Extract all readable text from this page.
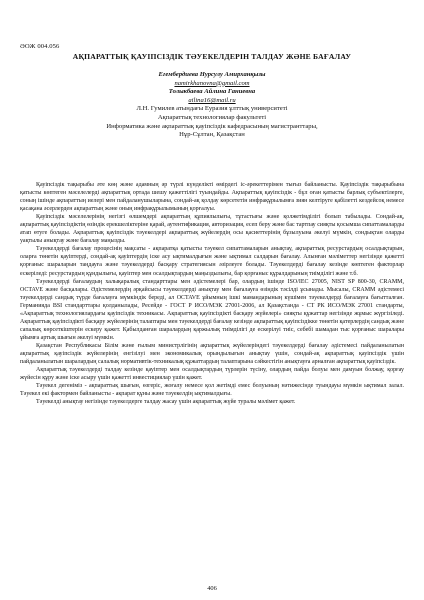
ӘОЖ 004.056
АҚПАРАТТЫҚ ҚАУІПСІЗДІК ТӘУЕКЕЛДЕРІН ТАЛДАУ ЖӘНЕ БАҒАЛАУ
Егембердиева Нурсулу Амирханқызы
namirkhanovna@gmail.com
Толыкбаева Айлина Ганиевна
ailina16@mail.ru
Л.Н. Гумилев атындағы Еуразия ұлттық университеті
Ақпараттық технологиялар факультеті
Информатика және ақпараттық қауіпсіздік кафедрасының магистранттары,
Нұр-Сұлтан, Қазақстан

Қауіпсіздік тақырыбы әте көң және адамның әр түрлі күнделікті өмірдегі іс-әрекеттерімен тығыз байланысты. Қауіпсіздік тақырыбына қатысты көптеген мәселелерді ақпараттық ортада шешу қажеттілігі туындайды. Ақпараттық қауіпсіздік - бұл оған қатысты барлық субъектілерге, соның ішінде ақпараттың иелері мен пайдаланушыларына, сондай-ақ қолдау көрсететін инфрақұрылымға зиян келтіруге қабілетті кездейсоқ немесе қасақана әсерлерден ақпараттың және оның инфрақұрылымының қорғалуы.

Қауіпсіздік мәселелерінің негізгі өлшемдері ақпараттың құпиялылығы, тұтастығы және қолжетімділігі болып табылады. Сондай-ақ, ақпараттық қауіпсіздіктің өзіндік ерекшеліктеріне қарай, аутентификация, авторизация, есеп беру және бас тартпау сияқты қосымша сипаттамаларды атап өтуге болады. Ақпараттық қауіпсіздік тәуекелдері ақпараттық жүйелердің осы қасиеттерінің бұзылуына әкелуі мүмкін, сондықтан оларды уақтылы анықтау және бағалау маңызды.

Тәуекелдерді бағалау процесінің мақсаты - ақпаратқа қатысты тәуекел сипаттамаларын анықтау, ақпараттық ресурстардың осалдықтарын, оларға төнетін қауіптерді, сондай-ақ қауіптердің іске асу ықтималдығын және ықтимал салдарын бағалау. Алынған мәліметтер негізінде қажетті қорғаныс шараларын таңдауға және тәуекелдерді басқару стратегиясын әзірлеуге болады. Тәуекелдерді бағалау кезінде көптеген факторлар ескеріледі: ресурстардың құндылығы, қауіптер мен осалдықтардың маңыздылығы, бар қорғаныс құралдарының тиімділігі және т.б.

Тәуекелдерді бағалаудың халықаралық стандарттары мен әдістемелері бар, олардың ішінде ISO/IEC 27005, NIST SP 800-30, CRAMM, OCTAVE және басқалары. Әдістемелердің әрқайсысы тәуекелдерді анықтау мен бағалауға өзіндік тәсілді ұсынады. Мысалы, CRAMM әдістемесі тәуекелдерді сандық түрде бағалауға мүмкіндік береді, ал OCTAVE ұйымның ішкі мамандарының күшімен тәуекелдерді бағалауға бағытталған. Германияда BSI стандарттары қолданылады, Ресейде - ГОСТ Р ИСО/МЭК 27001-2006, ал Қазақстанда - СТ РК ИСО/МЭК 27001 стандарты, «Ақпараттық технологиялардағы қауіпсіздік техникасы. Ақпараттық қауіпсіздікті басқару жүйелері» сияқты құжаттар негізінде жұмыс жүргізіледі. Ақпараттық қауіпсіздікті басқару жүйелерінің талаптары мен тәуекелдерді бағалау кезінде ақпараттық қауіпсіздікке төнетін қатерлердің сандық және сапалық көрсеткіштерін ескеру қажет. Қабылданған шаралардың қаржылық тиімділігі де ескерілуі тиіс, себебі шамадан тыс қорғаныс шаралары ұйымға артық шығын әкелуі мүмкін.

Қазақстан Республикасы Білім және ғылым министрлігінің ақпараттық жүйелеріндегі тәуекелдерді бағалау әдістемесі пайдаланылатын ақпараттық қауіпсіздік жүйелерінің енгізілуі мен экономикалық орындылығын анықтау үшін, сондай-ақ ақпараттық қауіпсіздік үшін пайдаланылатын шаралардың салалық нормативтік-техникалық құжаттардың талаптарына сәйкестігін анықтауға арналған ақпараттық қауіпсіздік.

Ақпараттық тәуекелдерді талдау кезінде қауіптер мен осалдықтардың түрлерін түсіну, олардың пайда болуы мен дамуын болжау, қорғау жүйесін құру және іске асыру үшін қажетті инвестициялар үшін қажет.

Тәуекел дегеніміз - ақпараттық шығын, өзгеріс, жоғалу немесе қол жетімді емес болуының нәтижесінде туындауы мүмкін ықтимал залал. Тәуекел екі фактормен байланысты - ақпарат құны және тәуекелдің ықтималдығы.

Тәуекелді анықтау негізінде тәуекелдерге талдау жасау үшін ақпараттық жүйе туралы мәлімет қажет.

406
